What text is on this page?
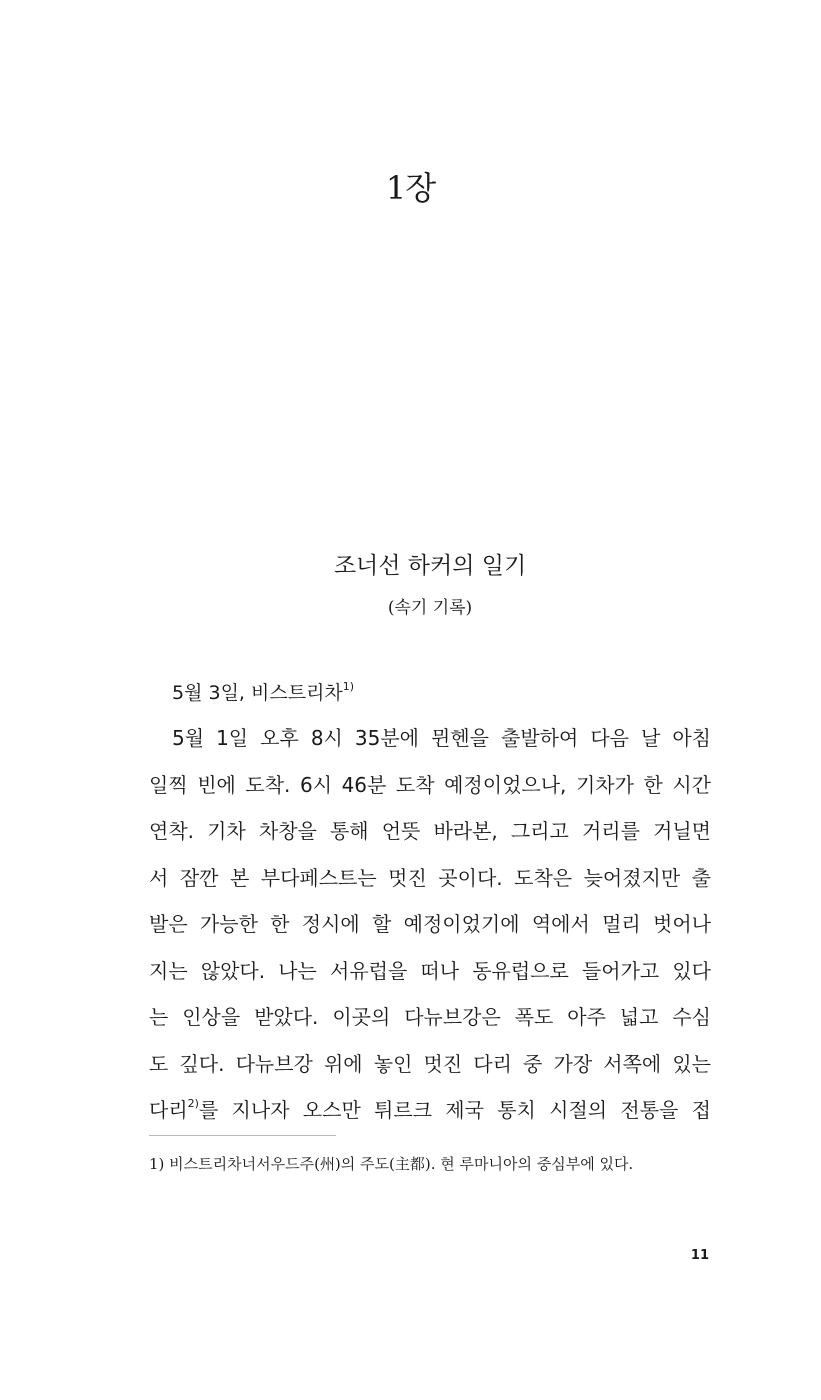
1장
조너선 하커의 일기
(속기 기록)
5월 3일, 비스트리차$^{1)}$
5월 1일 오후 8시 35분에 뮌헨을 출발하여 다음 날 아침
일찍 빈에 도착. 6시 46분 도착 예정이었으나, 기차가 한 시간
연착. 기차 차창을 통해 언뜻 바라본, 그리고 거리를 거닐면
서 잠깐 본 부다페스트는 멋진 곳이다. 도착은 늦어졌지만 출
발은 가능한 한 정시에 할 예정이었기에 역에서 멀리 벗어나
지는 않았다. 나는 서유럽을 떠나 동유럽으로 들어가고 있다
는 인상을 받았다. 이곳의 다뉴브강은 폭도 아주 넓고 수심
도 깊다. 다뉴브강 위에 놓인 멋진 다리 중 가장 서쪽에 있는
다리$^{2)}$를 지나자 오스만 튀르크 제국 통치 시절의 전통을 접
1) 비스트리차너서우드주(州)의 주도(主都). 현 루마니아의 중심부에 있다.
11
